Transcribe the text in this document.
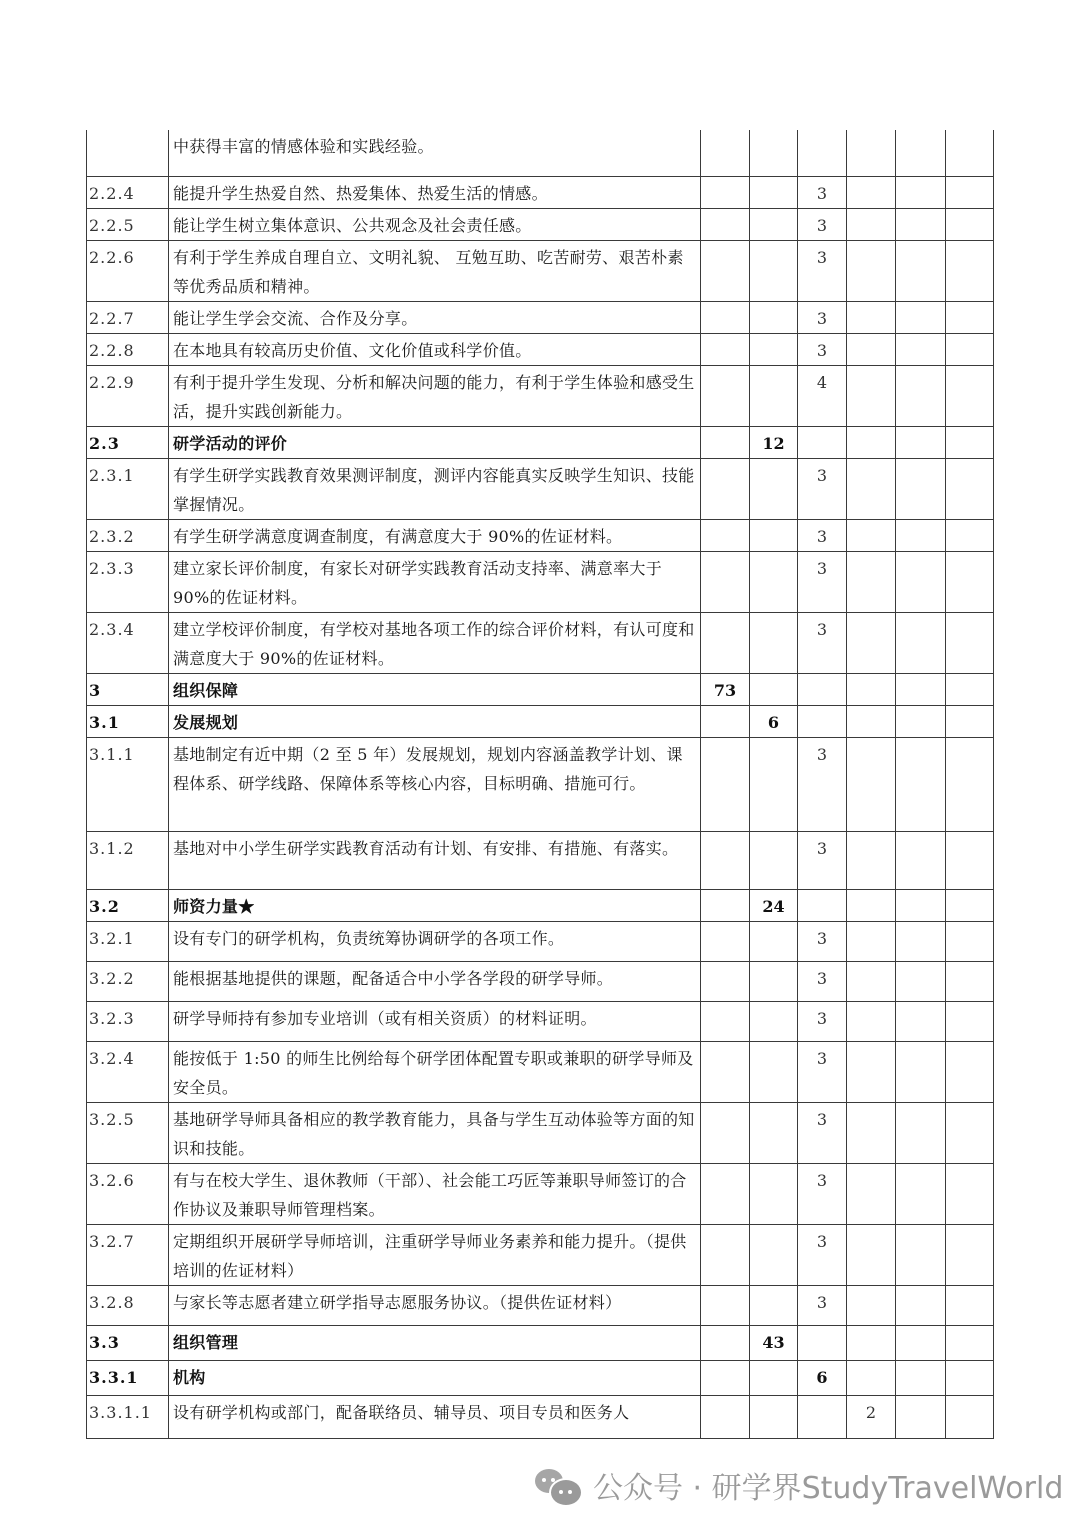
	中获得丰富的情感体验和实践经验。						
2.2.4	能提升学生热爱自然、热爱集体、热爱生活的情感。			3			
2.2.5	能让学生树立集体意识、公共观念及社会责任感。			3			
2.2.6	有利于学生养成自理自立、文明礼貌、 互勉互助、吃苦耐劳、艰苦朴素等优秀品质和精神。			3			
2.2.7	能让学生学会交流、合作及分享。			3			
2.2.8	在本地具有较高历史价值、文化价值或科学价值。			3			
2.2.9	有利于提升学生发现、分析和解决问题的能力，有利于学生体验和感受生活，提升实践创新能力。			4			
2.3	研学活动的评价		12				
2.3.1	有学生研学实践教育效果测评制度，测评内容能真实反映学生知识、技能掌握情况。			3			
2.3.2	有学生研学满意度调查制度，有满意度大于 90%的佐证材料。			3			
2.3.3	建立家长评价制度，有家长对研学实践教育活动支持率、满意率大于 90%的佐证材料。			3			
2.3.4	建立学校评价制度，有学校对基地各项工作的综合评价材料，有认可度和满意度大于 90%的佐证材料。			3			
3	组织保障	73					
3.1	发展规划		6				
3.1.1	基地制定有近中期（2 至 5 年）发展规划，规划内容涵盖教学计划、课程体系、研学线路、保障体系等核心内容，目标明确、措施可行。			3			
3.1.2	基地对中小学生研学实践教育活动有计划、有安排、有措施、有落实。			3			
3.2	师资力量★		24				
3.2.1	设有专门的研学机构，负责统筹协调研学的各项工作。			3			
3.2.2	能根据基地提供的课题，配备适合中小学各学段的研学导师。			3			
3.2.3	研学导师持有参加专业培训（或有相关资质）的材料证明。			3			
3.2.4	能按低于 1:50 的师生比例给每个研学团体配置专职或兼职的研学导师及安全员。			3			
3.2.5	基地研学导师具备相应的教学教育能力，具备与学生互动体验等方面的知识和技能。			3			
3.2.6	有与在校大学生、退休教师（干部）、社会能工巧匠等兼职导师签订的合作协议及兼职导师管理档案。			3			
3.2.7	定期组织开展研学导师培训，注重研学导师业务素养和能力提升。（提供培训的佐证材料）			3			
3.2.8	与家长等志愿者建立研学指导志愿服务协议。（提供佐证材料）			3			
3.3	组织管理		43				
3.3.1	机构			6			
3.3.1.1	设有研学机构或部门，配备联络员、辅导员、项目专员和医务人				2		
公众号 · 研学界StudyTravelWorld
